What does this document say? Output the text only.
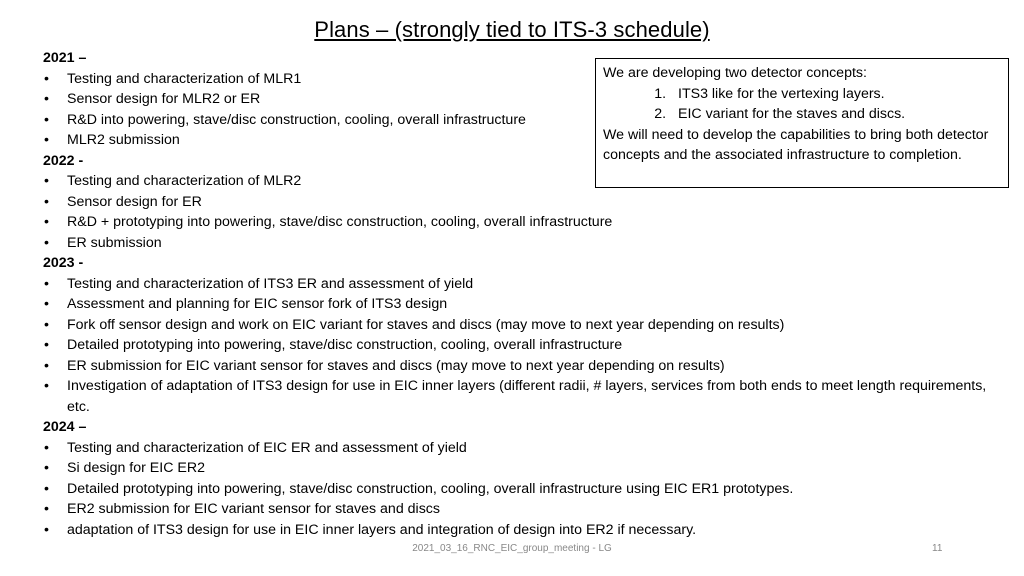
Plans – (strongly tied to ITS-3 schedule)
2021 –
• Testing and characterization of MLR1
• Sensor design for MLR2 or ER
• R&D into powering, stave/disc construction, cooling, overall infrastructure
• MLR2 submission
2022 -
• Testing and characterization of MLR2
• Sensor design for ER
• R&D + prototyping into powering, stave/disc construction, cooling, overall infrastructure
• ER submission
2023 -
• Testing and characterization of ITS3 ER and assessment of yield
• Assessment and planning for EIC sensor fork of ITS3 design
• Fork off sensor design and work on EIC variant for staves and discs (may move to next year depending on results)
• Detailed prototyping into powering, stave/disc construction, cooling, overall infrastructure
• ER submission for EIC variant sensor for staves and discs (may move to next year depending on results)
• Investigation of adaptation of ITS3 design for use in EIC inner layers (different radii, # layers, services from both ends to meet length requirements, etc.
2024 –
• Testing and characterization of EIC ER and assessment of yield
• Si design for EIC ER2
• Detailed prototyping into powering, stave/disc construction, cooling, overall infrastructure using EIC ER1 prototypes.
• ER2 submission for EIC variant sensor for staves and discs
• adaptation of ITS3 design for use in EIC inner layers and integration of design into ER2 if necessary.
We are developing two detector concepts:
1. ITS3 like for the vertexing layers.
2. EIC variant for the staves and discs.
We will need to develop the capabilities to bring both detector concepts and the associated infrastructure to completion.
2021_03_16_RNC_EIC_group_meeting - LG	11
